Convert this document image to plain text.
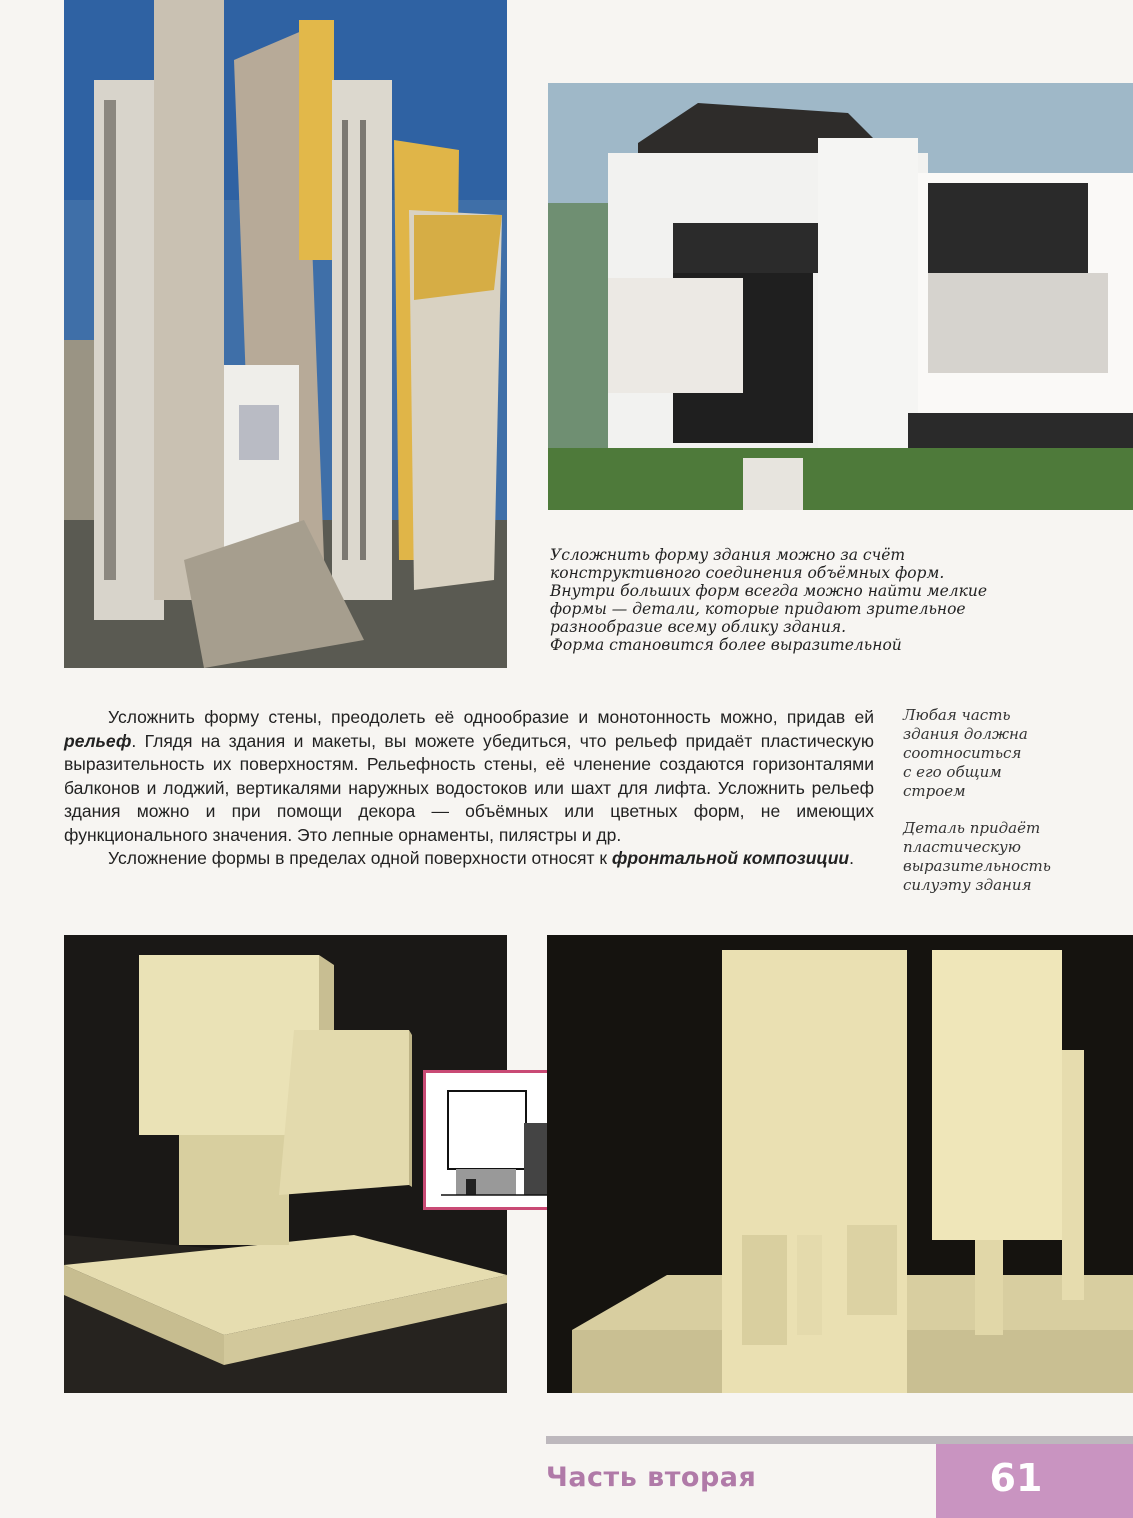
Усложнить форму здания можно за счёт
конструктивного соединения объёмных форм.
Внутри больших форм всегда можно найти мелкие
формы — детали, которые придают зрительное
разнообразие всему облику здания.
Форма становится более выразительной

Усложнить форму стены, преодолеть её однообразие и монотонность можно, придав ей рельеф. Глядя на здания и макеты, вы можете убедиться, что рельеф придаёт пластическую выразительность их поверхностям. Рельефность стены, её членение создаются горизонталями балконов и лоджий, вертикалями наружных водостоков или шахт для лифта. Усложнить рельеф здания можно и при помощи декора — объёмных или цветных форм, не имеющих функционального значения. Это лепные орнаменты, пилястры и др.

Усложнение формы в пределах одной поверхности относят к фронтальной композиции.

Любая часть
здания должна
соотноситься
с его общим
строем
Деталь придаёт
пластическую
выразительность
силуэту здания
Часть вторая	61
